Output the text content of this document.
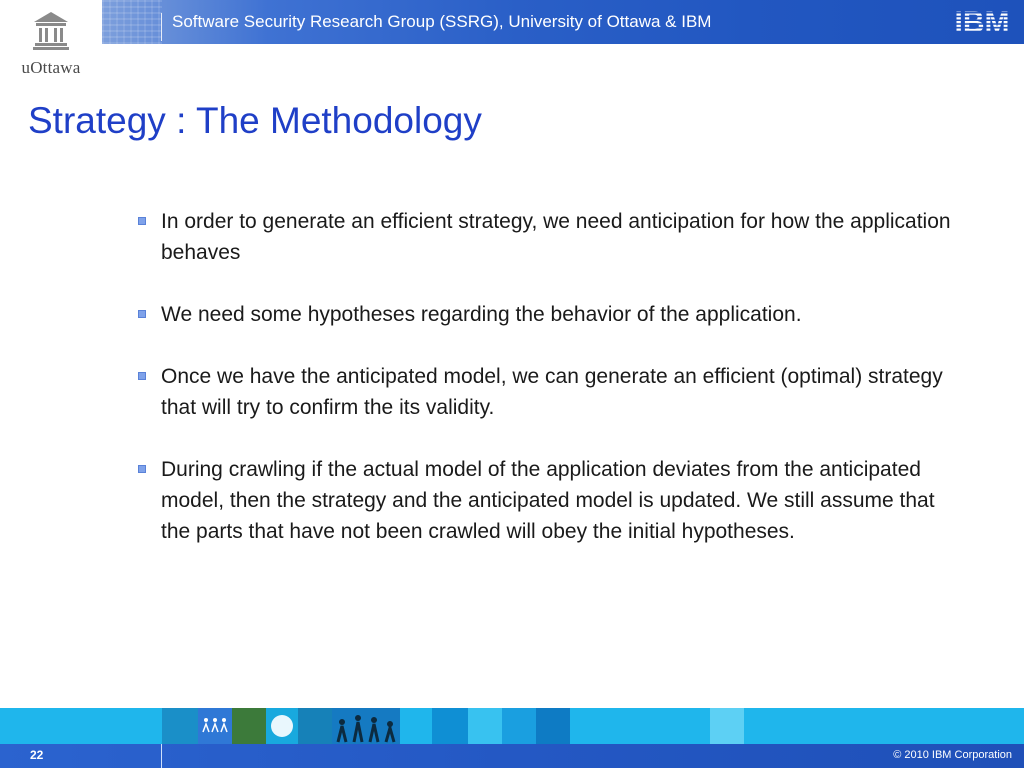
uOttawa
Software Security Research Group (SSRG), University of Ottawa & IBM	IBM
Strategy : The Methodology
In order to generate an efficient strategy, we need anticipation for how the application behaves
We need some hypotheses regarding the behavior of the application.
Once we have the anticipated model, we can generate an efficient (optimal) strategy that will try to confirm the its validity.
During crawling if the actual model of the application deviates from the anticipated model, then the strategy and the anticipated model is updated. We still assume that the parts that have not been crawled will obey the initial hypotheses.
22	© 2010 IBM Corporation
